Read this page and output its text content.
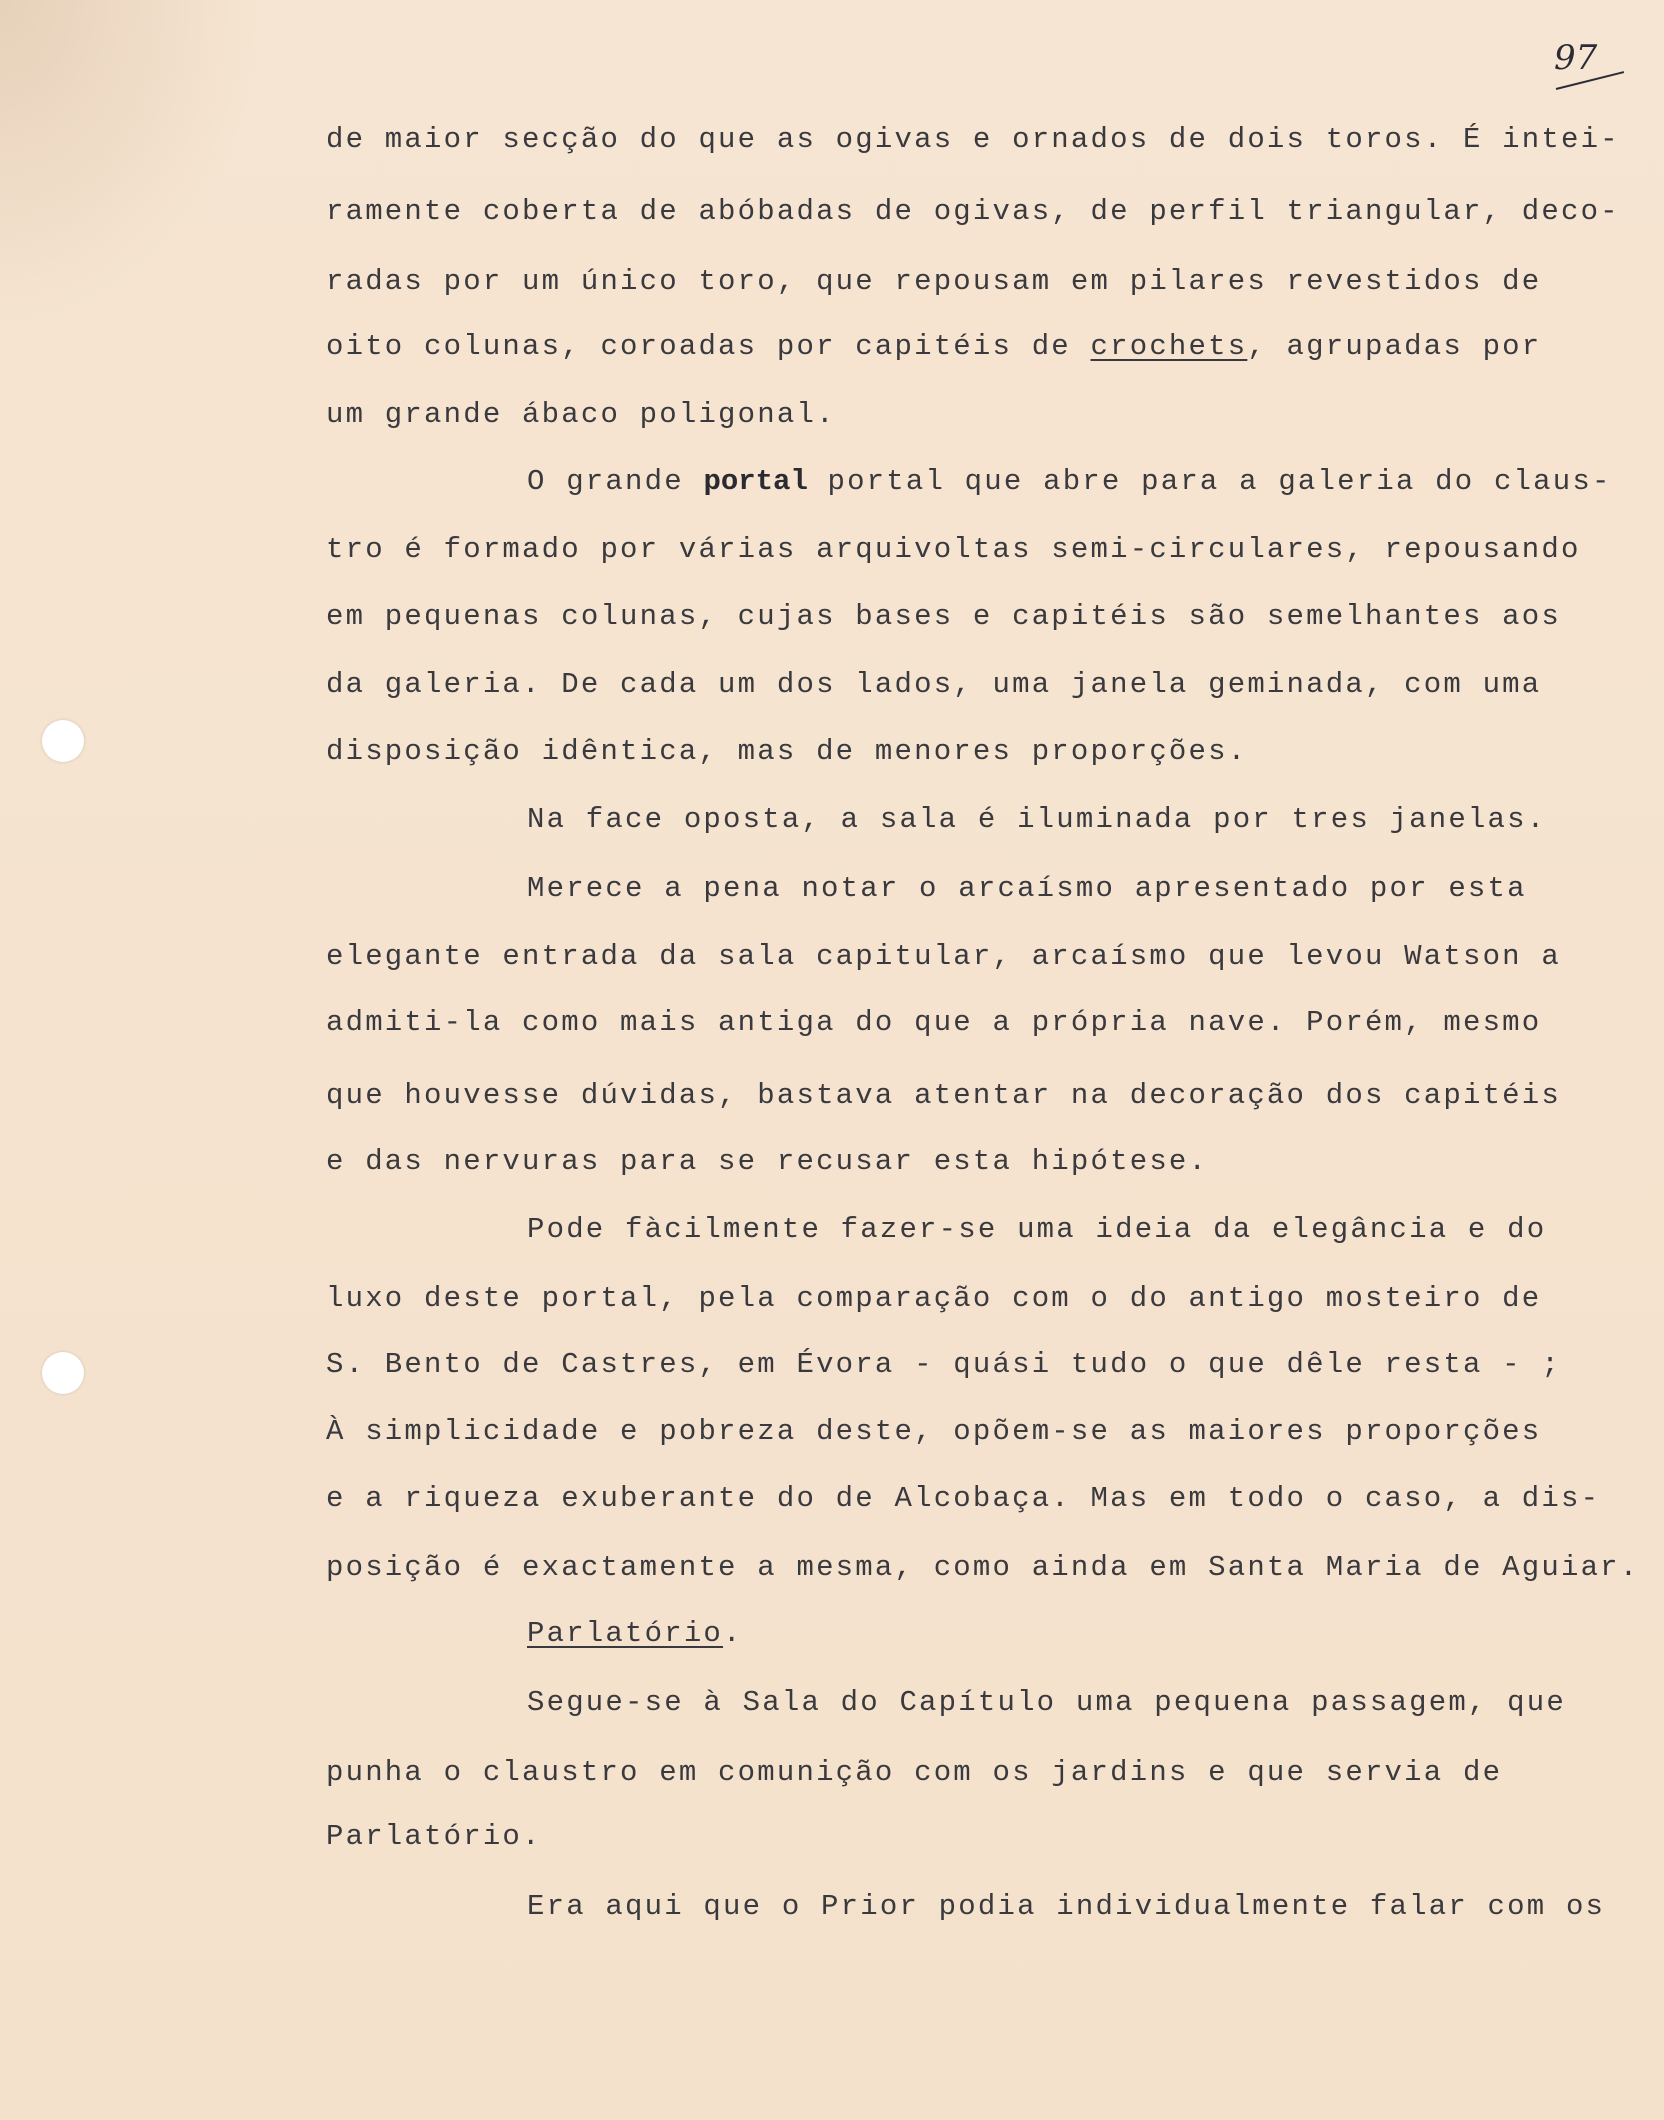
97
de maior secção do que as ogivas e ornados de dois toros. É intei-
ramente coberta de abóbadas de ogivas, de perfil triangular, deco-
radas por um único toro, que repousam em pilares revestidos de
oito colunas, coroadas por capitéis de crochets, agrupadas por
um grande ábaco poligonal.
O grande portal portal que abre para a galeria do claus-
tro é formado por várias arquivoltas semi-circulares, repousando
em pequenas colunas, cujas bases e capitéis são semelhantes aos
da galeria. De cada um dos lados, uma janela geminada, com uma
disposição idêntica, mas de menores proporções.
Na face oposta, a sala é iluminada por tres janelas.
Merece a pena notar o arcaísmo apresentado por esta
elegante entrada da sala capitular, arcaísmo que levou Watson a
admiti-la como mais antiga do que a própria nave. Porém, mesmo
que houvesse dúvidas, bastava atentar na decoração dos capitéis
e das nervuras para se recusar esta hipótese.
Pode fàcilmente fazer-se uma ideia da elegância e do
luxo deste portal, pela comparação com o do antigo mosteiro de
S. Bento de Castres, em Évora - quási tudo o que dêle resta - ;
À simplicidade e pobreza deste, opõem-se as maiores proporções
e a riqueza exuberante do de Alcobaça. Mas em todo o caso, a dis-
posição é exactamente a mesma, como ainda em Santa Maria de Aguiar.
Parlatório.
Segue-se à Sala do Capítulo uma pequena passagem, que
punha o claustro em comunição com os jardins e que servia de
Parlatório.
Era aqui que o Prior podia individualmente falar com os
